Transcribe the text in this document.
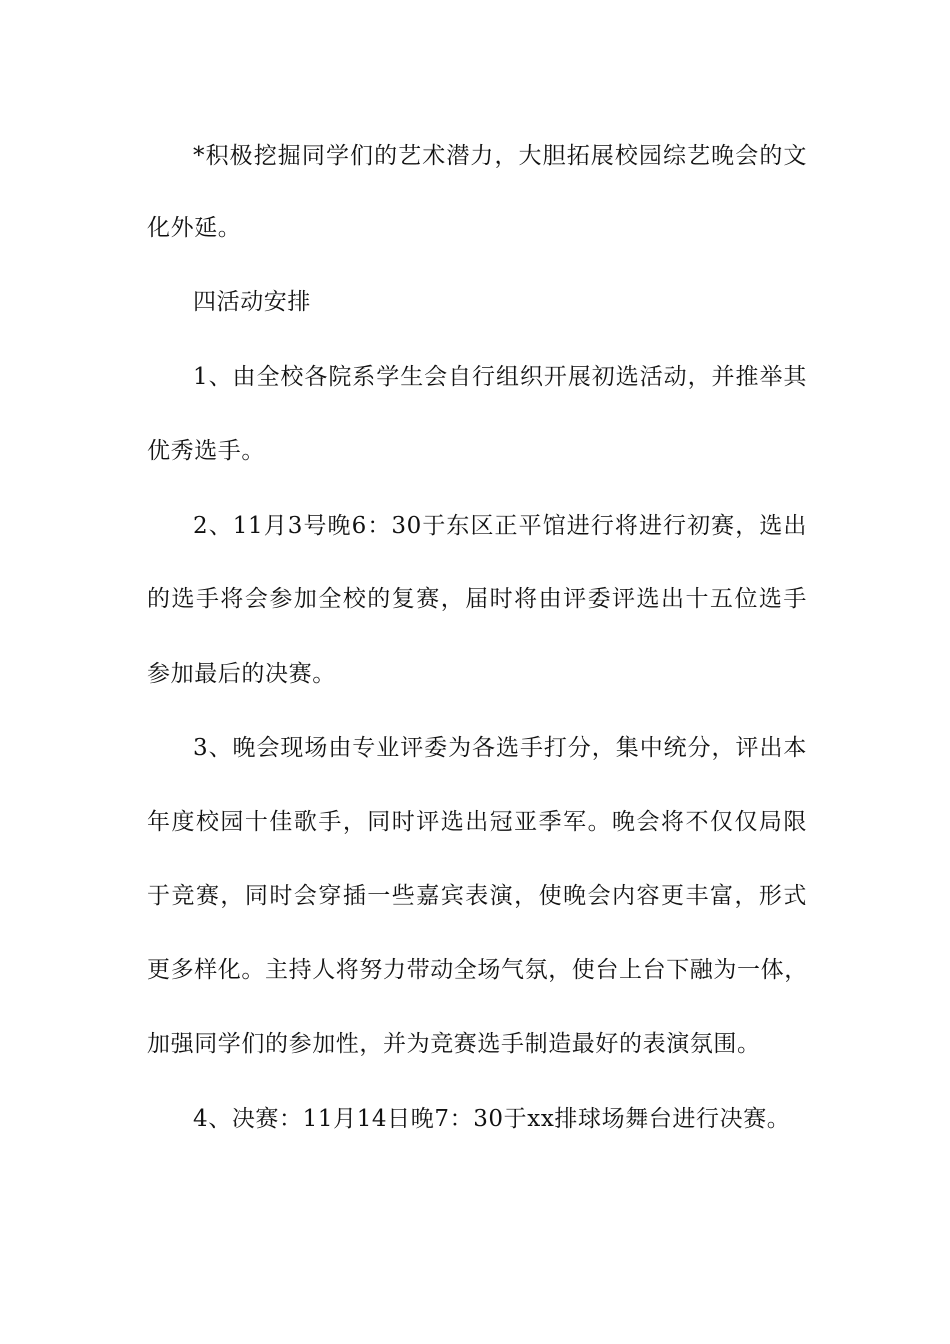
*积极挖掘同学们的艺术潜力，大胆拓展校园综艺晚会的文
化外延。
四活动安排
1、由全校各院系学生会自行组织开展初选活动，并推举其
优秀选手。
2、11月3号晚6：30于东区正平馆进行将进行初赛，选出
的选手将会参加全校的复赛，届时将由评委评选出十五位选手
参加最后的决赛。
3、晚会现场由专业评委为各选手打分，集中统分，评出本
年度校园十佳歌手，同时评选出冠亚季军。晚会将不仅仅局限
于竞赛，同时会穿插一些嘉宾表演，使晚会内容更丰富，形式
更多样化。主持人将努力带动全场气氛，使台上台下融为一体，
加强同学们的参加性，并为竞赛选手制造最好的表演氛围。
4、决赛：11月14日晚7：30于xx排球场舞台进行决赛。
